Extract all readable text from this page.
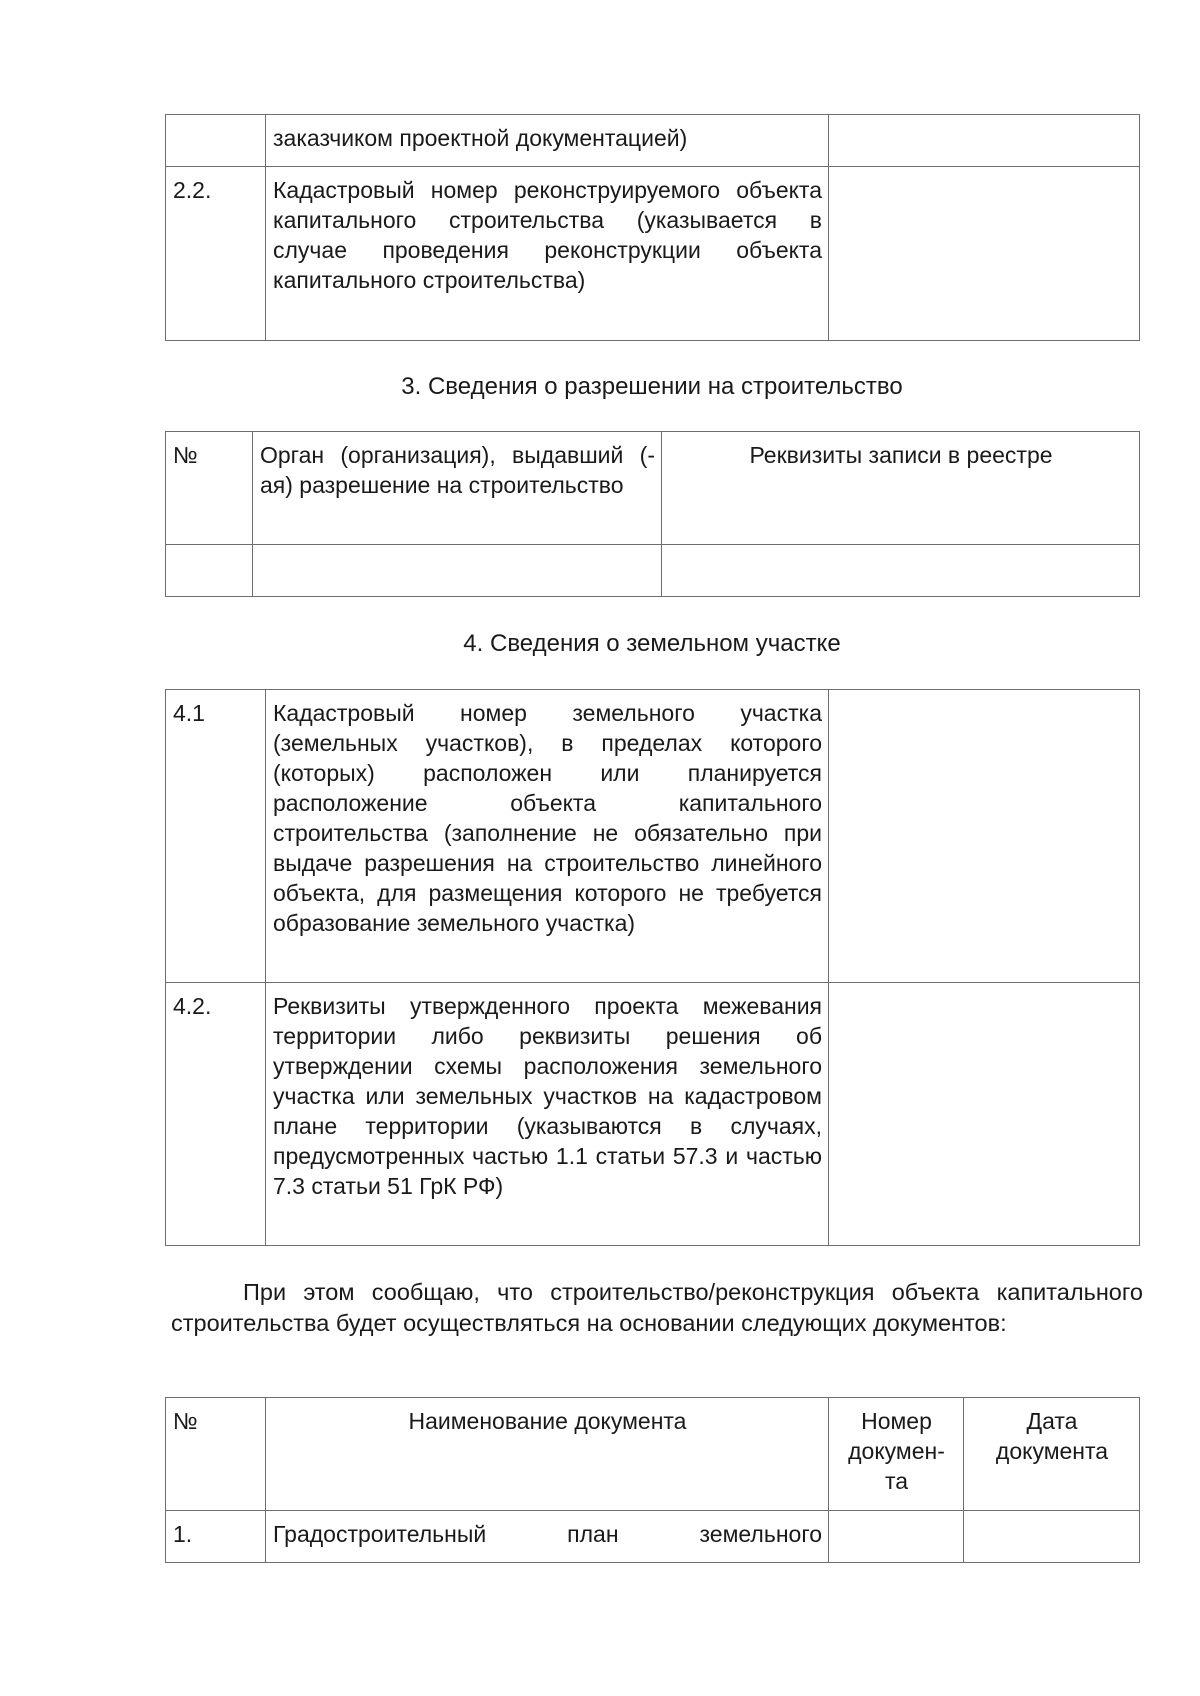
	заказчиком проектной документацией)	
2.2.	Кадастровый номер реконструируемого объекта капитального строительства (указывается в случае проведения реконструкции объекта капитального строительства)	
3. Сведения о разрешении на строительство
№	Орган (организация), выдавший (-ая) разрешение на строительство	Реквизиты записи в реестре

4. Сведения о земельном участке
4.1	Кадастровый номер земельного участка (земельных участков), в пределах которого (которых) расположен или планируется расположение объекта капитального строительства (заполнение не обязательно при выдаче разрешения на строительство линейного объекта, для размещения которого не требуется образование земельного участка)	
4.2.	Реквизиты утвержденного проекта межевания территории либо реквизиты решения об утверждении схемы расположения земельного участка или земельных участков на кадастровом плане территории (указываются в случаях, предусмотренных частью 1.1 статьи 57.3 и частью 7.3 статьи 51 ГрК РФ)	
При этом сообщаю, что строительство/реконструкция объекта капитального строительства будет осуществляться на основании следующих документов:
№	Наименование документа	Номер докумен- та	Дата документа
1.	Градостроительный план земельного		
